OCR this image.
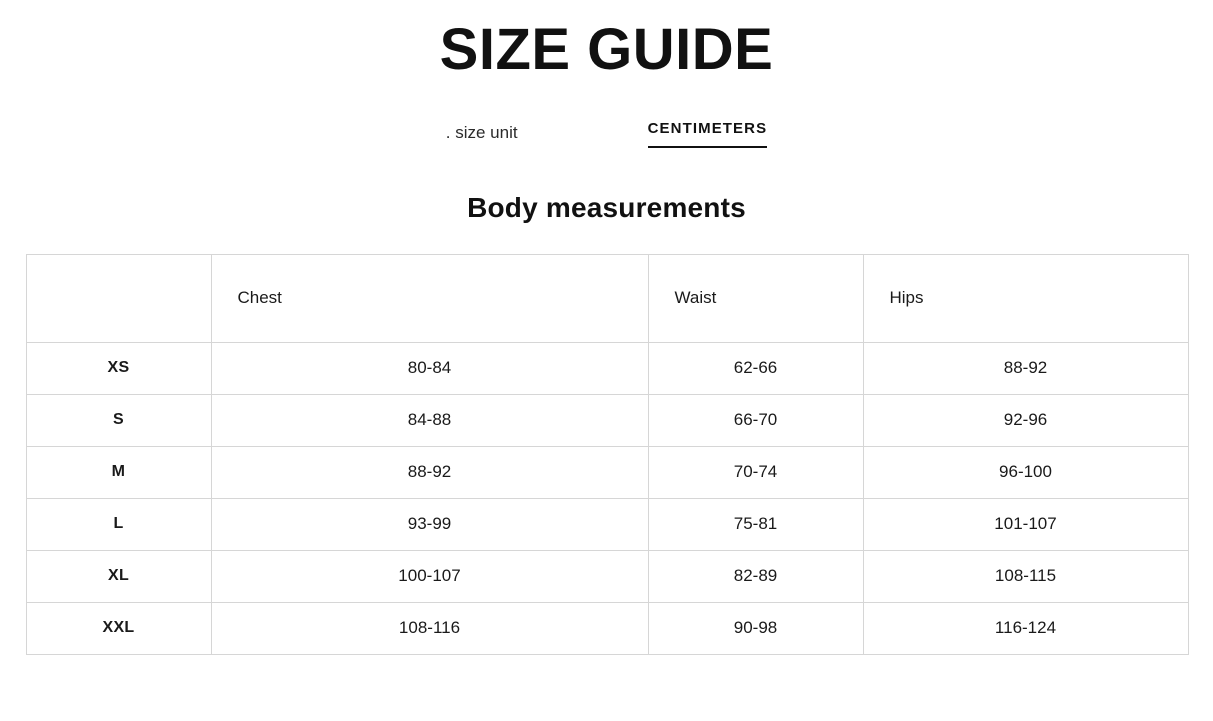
SIZE GUIDE
. size unit	CENTIMETERS
Body measurements
	Chest	Waist	Hips
XS	80-84	62-66	88-92
S	84-88	66-70	92-96
M	88-92	70-74	96-100
L	93-99	75-81	101-107
XL	100-107	82-89	108-115
XXL	108-116	90-98	116-124
